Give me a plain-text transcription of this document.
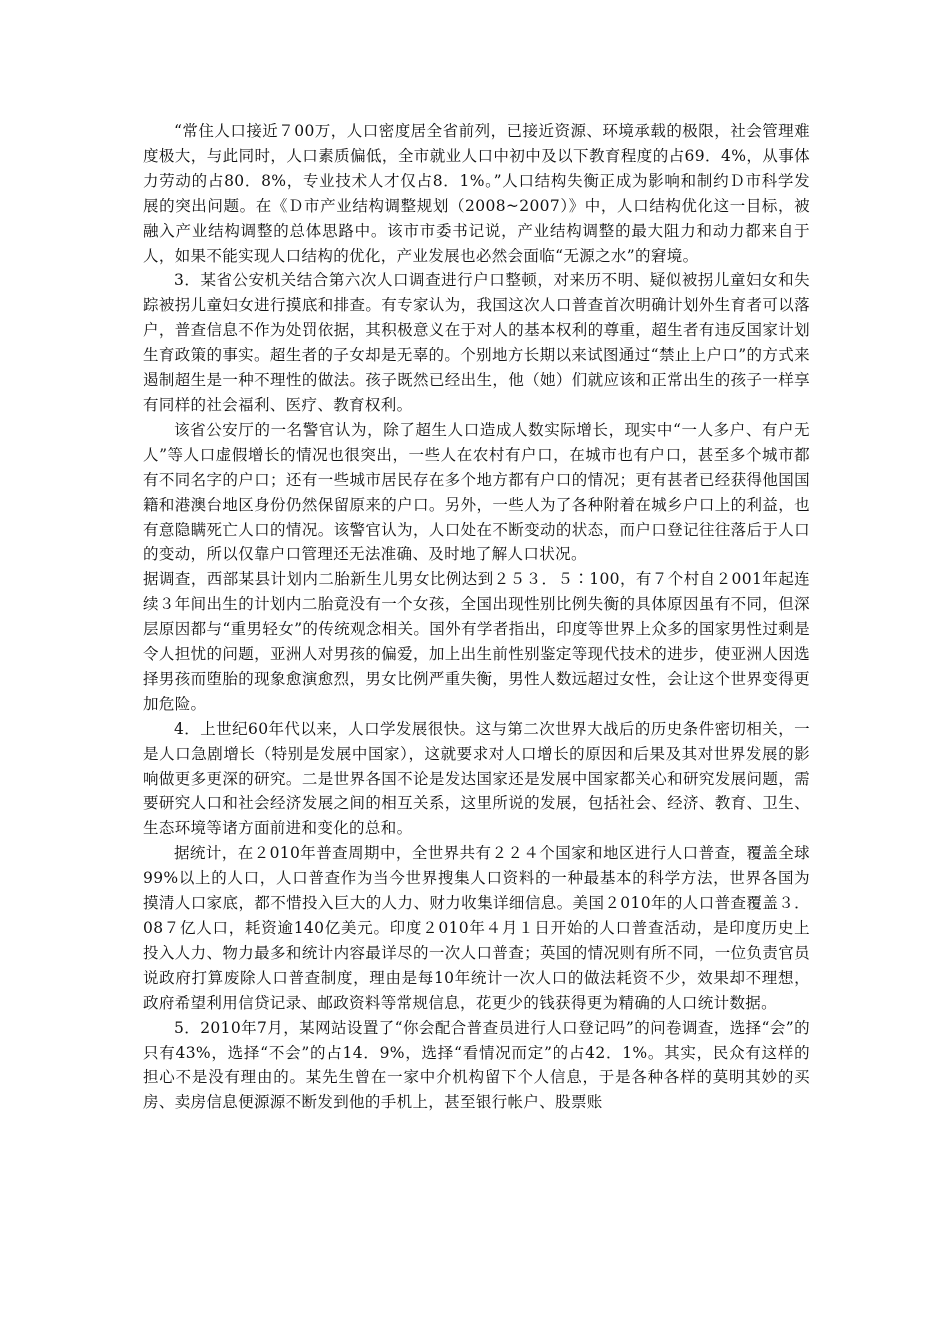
“常住人口接近７00万，人口密度居全省前列，已接近资源、环境承载的极限，社会管理难度极大，与此同时，人口素质偏低，全市就业人口中初中及以下教育程度的占69．4%，从事体力劳动的占80．8%，专业技术人才仅占8．1%。”人口结构失衡正成为影响和制约Ｄ市科学发展的突出问题。在《Ｄ市产业结构调整规划（2008~2007）》中，人口结构优化这一目标，被融入产业结构调整的总体思路中。该市市委书记说，产业结构调整的最大阻力和动力都来自于人，如果不能实现人口结构的优化，产业发展也必然会面临“无源之水”的窘境。

3．某省公安机关结合第六次人口调查进行户口整顿，对来历不明、疑似被拐儿童妇女和失踪被拐儿童妇女进行摸底和排查。有专家认为，我国这次人口普查首次明确计划外生育者可以落户，普查信息不作为处罚依据，其积极意义在于对人的基本权利的尊重，超生者有违反国家计划生育政策的事实。超生者的子女却是无辜的。个别地方长期以来试图通过“禁止上户口”的方式来遏制超生是一种不理性的做法。孩子既然已经出生，他（她）们就应该和正常出生的孩子一样享有同样的社会福利、医疗、教育权利。

该省公安厅的一名警官认为，除了超生人口造成人数实际增长，现实中“一人多户、有户无人”等人口虚假增长的情况也很突出，一些人在农村有户口，在城市也有户口，甚至多个城市都有不同名字的户口；还有一些城市居民存在多个地方都有户口的情况；更有甚者已经获得他国国籍和港澳台地区身份仍然保留原来的户口。另外，一些人为了各种附着在城乡户口上的利益，也有意隐瞒死亡人口的情况。该警官认为，人口处在不断变动的状态，而户口登记往往落后于人口的变动，所以仅靠户口管理还无法准确、及时地了解人口状况。

据调查，西部某县计划内二胎新生儿男女比例达到２５３．５∶100，有７个村自２001年起连续３年间出生的计划内二胎竟没有一个女孩，全国出现性别比例失衡的具体原因虽有不同，但深层原因都与“重男轻女”的传统观念相关。国外有学者指出，印度等世界上众多的国家男性过剩是令人担忧的问题，亚洲人对男孩的偏爱，加上出生前性别鉴定等现代技术的进步，使亚洲人因选择男孩而堕胎的现象愈演愈烈，男女比例严重失衡，男性人数远超过女性，会让这个世界变得更加危险。

4．上世纪60年代以来，人口学发展很快。这与第二次世界大战后的历史条件密切相关，一是人口急剧增长（特别是发展中国家），这就要求对人口增长的原因和后果及其对世界发展的影响做更多更深的研究。二是世界各国不论是发达国家还是发展中国家都关心和研究发展问题，需要研究人口和社会经济发展之间的相互关系，这里所说的发展，包括社会、经济、教育、卫生、生态环境等诸方面前进和变化的总和。

据统计，在２010年普查周期中，全世界共有２２４个国家和地区进行人口普查，覆盖全球99%以上的人口，人口普查作为当今世界搜集人口资料的一种最基本的科学方法，世界各国为摸清人口家底，都不惜投入巨大的人力、财力收集详细信息。美国２010年的人口普查覆盖３．08７亿人口，耗资逾140亿美元。印度２010年４月１日开始的人口普查活动，是印度历史上投入人力、物力最多和统计内容最详尽的一次人口普查；英国的情况则有所不同，一位负责官员说政府打算废除人口普查制度，理由是每10年统计一次人口的做法耗资不少，效果却不理想，政府希望利用信贷记录、邮政资料等常规信息，花更少的钱获得更为精确的人口统计数据。

5．2010年7月，某网站设置了“你会配合普查员进行人口登记吗”的问卷调查，选择“会”的只有43%，选择“不会”的占14．9%，选择“看情况而定”的占42．1%。其实，民众有这样的担心不是没有理由的。某先生曾在一家中介机构留下个人信息，于是各种各样的莫明其妙的买房、卖房信息便源源不断发到他的手机上，甚至银行帐户、股票账
